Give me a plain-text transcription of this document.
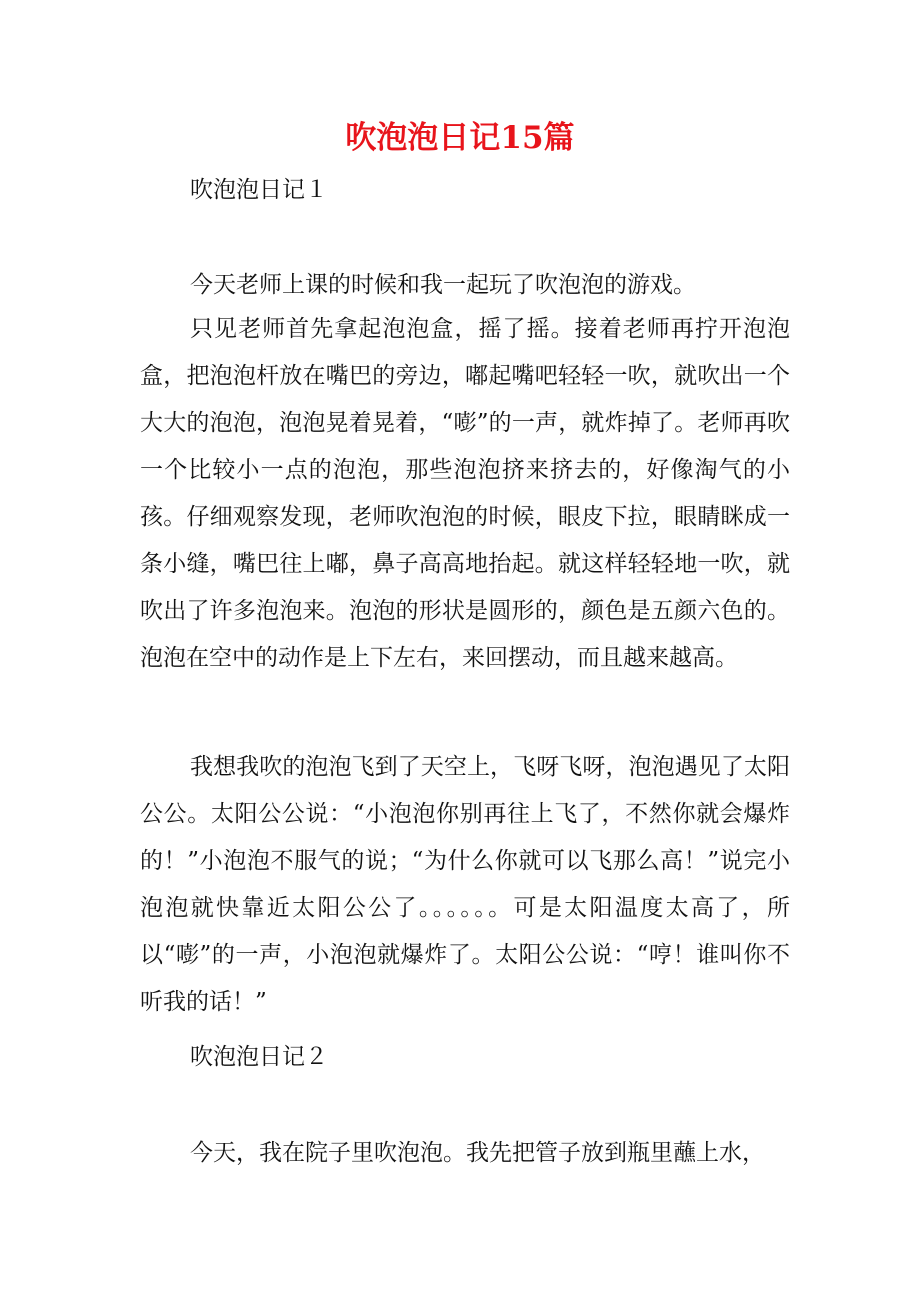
吹泡泡日记15篇
吹泡泡日记１
今天老师上课的时候和我一起玩了吹泡泡的游戏。
只见老师首先拿起泡泡盒，摇了摇。接着老师再拧开泡泡盒，把泡泡杆放在嘴巴的旁边，嘟起嘴吧轻轻一吹，就吹出一个大大的泡泡，泡泡晃着晃着，“嘭”的一声，就炸掉了。老师再吹一个比较小一点的泡泡，那些泡泡挤来挤去的，好像淘气的小孩。仔细观察发现，老师吹泡泡的时候，眼皮下拉，眼睛眯成一条小缝，嘴巴往上嘟，鼻子高高地抬起。就这样轻轻地一吹，就吹出了许多泡泡来。泡泡的形状是圆形的，颜色是五颜六色的。泡泡在空中的动作是上下左右，来回摆动，而且越来越高。
我想我吹的泡泡飞到了天空上，飞呀飞呀，泡泡遇见了太阳公公。太阳公公说：“小泡泡你别再往上飞了，不然你就会爆炸的！”小泡泡不服气的说；“为什么你就可以飞那么高！”说完小泡泡就快靠近太阳公公了。。。。。。可是太阳温度太高了，所以“嘭”的一声，小泡泡就爆炸了。太阳公公说：“哼！谁叫你不听我的话！”
吹泡泡日记２
今天，我在院子里吹泡泡。我先把管子放到瓶里蘸上水，
